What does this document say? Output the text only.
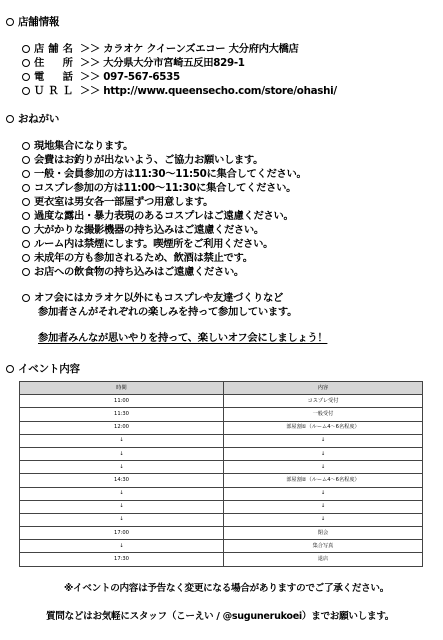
店舗情報
店舗名 ＞＞ カラオケ クイーンズエコー 大分府内大橋店
住　所 ＞＞ 大分県大分市宮崎五反田829-1
電　話 ＞＞ 097-567-6535
ＵＲＬ ＞＞ http://www.queensecho.com/store/ohashi/
おねがい
現地集合になります。
会費はお釣りが出ないよう、ご協力お願いします。
一般・会員参加の方は11:30～11:50に集合してください。
コスプレ参加の方は11:00～11:30に集合してください。
更衣室は男女各一部屋ずつ用意します。
過度な露出・暴力表現のあるコスプレはご遠慮ください。
大がかりな撮影機器の持ち込みはご遠慮ください。
ルーム内は禁煙にします。喫煙所をご利用ください。
未成年の方も参加されるため、飲酒は禁止です。
お店への飲食物の持ち込みはご遠慮ください。
オフ会にはカラオケ以外にもコスプレや友達づくりなど
参加者さんがそれぞれの楽しみを持って参加しています。
参加者みんなが思いやりを持って、楽しいオフ会にしましょう！
イベント内容
時間	内容
11:00	コスプレ受付
11:30	一般受付
12:00	部屋割①（ルーム4～6名程度）
↓	↓
↓	↓
↓	↓
14:30	部屋割②（ルーム4～6名程度）
↓	↓
↓	↓
↓	↓
17:00	閉会
↓	集合写真
17:30	退店
※イベントの内容は予告なく変更になる場合がありますのでご了承ください。
質問などはお気軽にスタッフ（こーえい / @sugunerukoei）までお願いします。
